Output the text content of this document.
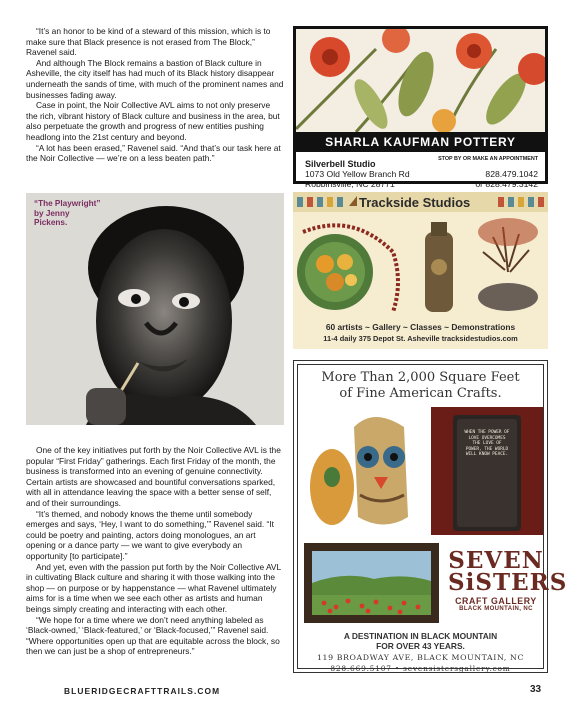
“It’s an honor to be kind of a steward of this mission, which is to make sure that Black presence is not erased from The Block,” Ravenel said.

And although The Block remains a bastion of Black culture in Asheville, the city itself has had much of its Black history disappear underneath the sands of time, with much of the prominent names and businesses fading away.

Case in point, the Noir Collective AVL aims to not only preserve the rich, vibrant history of Black culture and business in the area, but also perpetuate the growth and progress of new entities pushing headlong into the 21st century and beyond.

“A lot has been erased,” Ravenel said. “And that’s our task here at the Noir Collective — we’re on a less beaten path.”

“The Playwright” by Jenny Pickens.

One of the key initiatives put forth by the Noir Collective AVL is the popular “First Friday” gatherings. Each first Friday of the month, the business is transformed into an evening of genuine connectivity. Certain artists are showcased and bountiful conversations sparked, with all in attendance leaving the space with a better sense of self, and of their surroundings.

“It’s themed, and nobody knows the theme until somebody emerges and says, ‘Hey, I want to do something,’” Ravenel said. “It could be poetry and painting, actors doing monologues, an art opening or a dance party — we want to give everybody an opportunity [to participate].”

And yet, even with the passion put forth by the Noir Collective AVL in cultivating Black culture and sharing it with those walking into the shop — on purpose or by happenstance — what Ravenel ultimately aims for is a time when we see each other as artists and human beings simply creating and interacting with each other.

“We hope for a time where we don’t need anything labeled as ‘Black-owned,’ ‘Black-featured,’ or ‘Black-focused,’” Ravenel said. “Where opportunities open up that are equitable across the block, so then we can just be a shop of entrepreneurs.”

BLUERIDGECRAFTTRAILS.COM	33
SHARLA KAUFMAN POTTERY
Silverbell Studio
1073 Old Yellow Branch Rd
Robbinsville, NC 28771
STOP BY OR MAKE AN APPOINTMENT
828.479.1042
or 828.479.3142
Trackside Studios
60 artists ~ Gallery ~ Classes ~ Demonstrations
11-4 daily 375 Depot St. Asheville tracksidestudios.com
More Than 2,000 Square Feet
of Fine American Crafts.
WHEN THE POWER OF LOVE OVERCOMES THE LOVE OF POWER, THE WORLD WILL KNOW PEACE.
SEVEN
SiSTERS
CRAFT GALLERY
BLACK MOUNTAIN, NC
A DESTINATION IN BLACK MOUNTAIN
FOR OVER 43 YEARS.
119 BROADWAY AVE, BLACK MOUNTAIN, NC
828.669.5107 • sevensistersgallery.com
